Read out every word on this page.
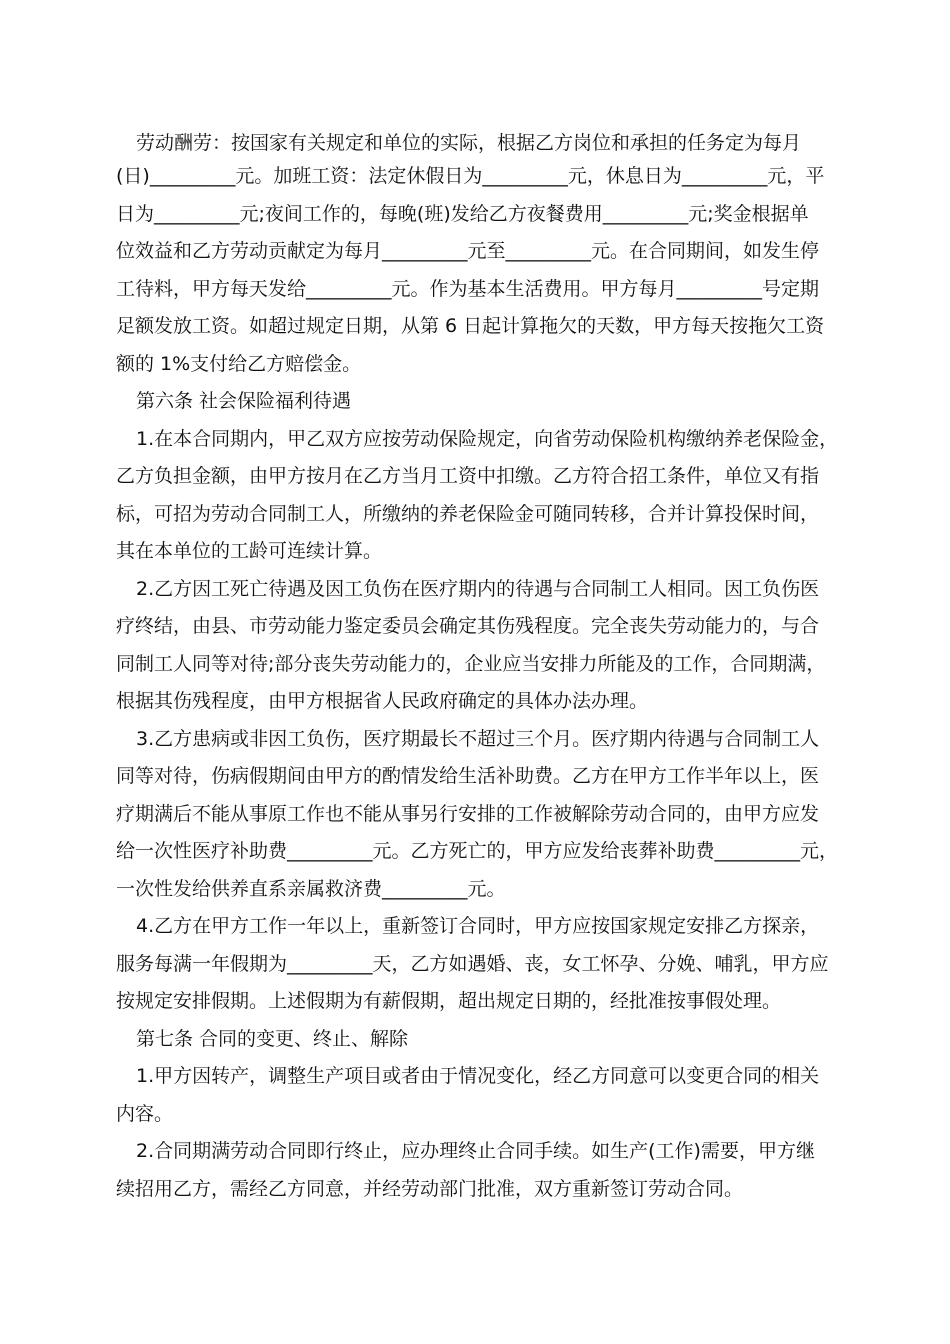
劳动酬劳：按国家有关规定和单位的实际，根据乙方岗位和承担的任务定为每月
(日)_________元。加班工资：法定休假日为_________元，休息日为_________元，平
日为_________元;夜间工作的，每晚(班)发给乙方夜餐费用_________元;奖金根据单
位效益和乙方劳动贡献定为每月_________元至_________元。在合同期间，如发生停
工待料，甲方每天发给_________元。作为基本生活费用。甲方每月_________号定期
足额发放工资。如超过规定日期，从第 6 日起计算拖欠的天数，甲方每天按拖欠工资
额的 1%支付给乙方赔偿金。
第六条 社会保险福利待遇
1.在本合同期内，甲乙双方应按劳动保险规定，向省劳动保险机构缴纳养老保险金，
乙方负担金额，由甲方按月在乙方当月工资中扣缴。乙方符合招工条件，单位又有指
标，可招为劳动合同制工人，所缴纳的养老保险金可随同转移，合并计算投保时间，
其在本单位的工龄可连续计算。
2.乙方因工死亡待遇及因工负伤在医疗期内的待遇与合同制工人相同。因工负伤医
疗终结，由县、市劳动能力鉴定委员会确定其伤残程度。完全丧失劳动能力的，与合
同制工人同等对待;部分丧失劳动能力的，企业应当安排力所能及的工作，合同期满，
根据其伤残程度，由甲方根据省人民政府确定的具体办法办理。
3.乙方患病或非因工负伤，医疗期最长不超过三个月。医疗期内待遇与合同制工人
同等对待，伤病假期间由甲方的酌情发给生活补助费。乙方在甲方工作半年以上，医
疗期满后不能从事原工作也不能从事另行安排的工作被解除劳动合同的，由甲方应发
给一次性医疗补助费_________元。乙方死亡的，甲方应发给丧葬补助费_________元，
一次性发给供养直系亲属救济费_________元。
4.乙方在甲方工作一年以上，重新签订合同时，甲方应按国家规定安排乙方探亲，
服务每满一年假期为_________天，乙方如遇婚、丧，女工怀孕、分娩、哺乳，甲方应
按规定安排假期。上述假期为有薪假期，超出规定日期的，经批准按事假处理。
第七条 合同的变更、终止、解除
1.甲方因转产，调整生产项目或者由于情况变化，经乙方同意可以变更合同的相关
内容。
2.合同期满劳动合同即行终止，应办理终止合同手续。如生产(工作)需要，甲方继
续招用乙方，需经乙方同意，并经劳动部门批准，双方重新签订劳动合同。
